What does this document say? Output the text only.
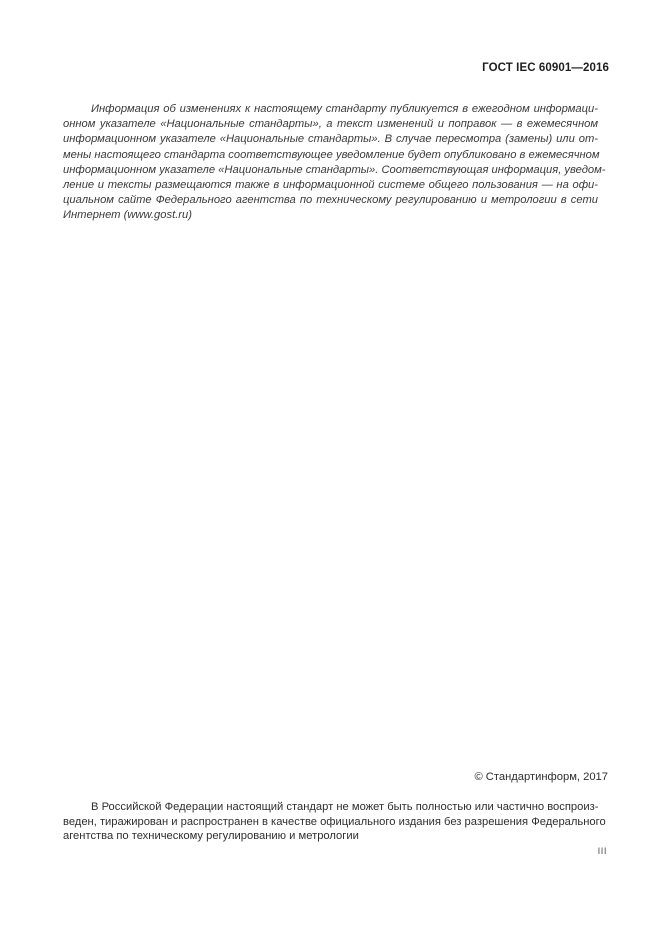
ГОСТ IEC 60901—2016
Информация об изменениях к настоящему стандарту публикуется в ежегодном информаци-
онном указателе «Национальные стандарты», а текст изменений и поправок — в ежемесячном
информационном указателе «Национальные стандарты». В случае пересмотра (замены) или от-
мены настоящего стандарта соответствующее уведомление будет опубликовано в ежемесячном
информационном указателе «Национальные стандарты». Соответствующая информация, уведом-
ление и тексты размещаются также в информационной системе общего пользования — на офи-
циальном сайте Федерального агентства по техническому регулированию и метрологии в сети
Интернет (www.gost.ru)
© Стандартинформ, 2017
В Российской Федерации настоящий стандарт не может быть полностью или частично воспроиз-
веден, тиражирован и распространен в качестве официального издания без разрешения Федерального
агентства по техническому регулированию и метрологии
III
